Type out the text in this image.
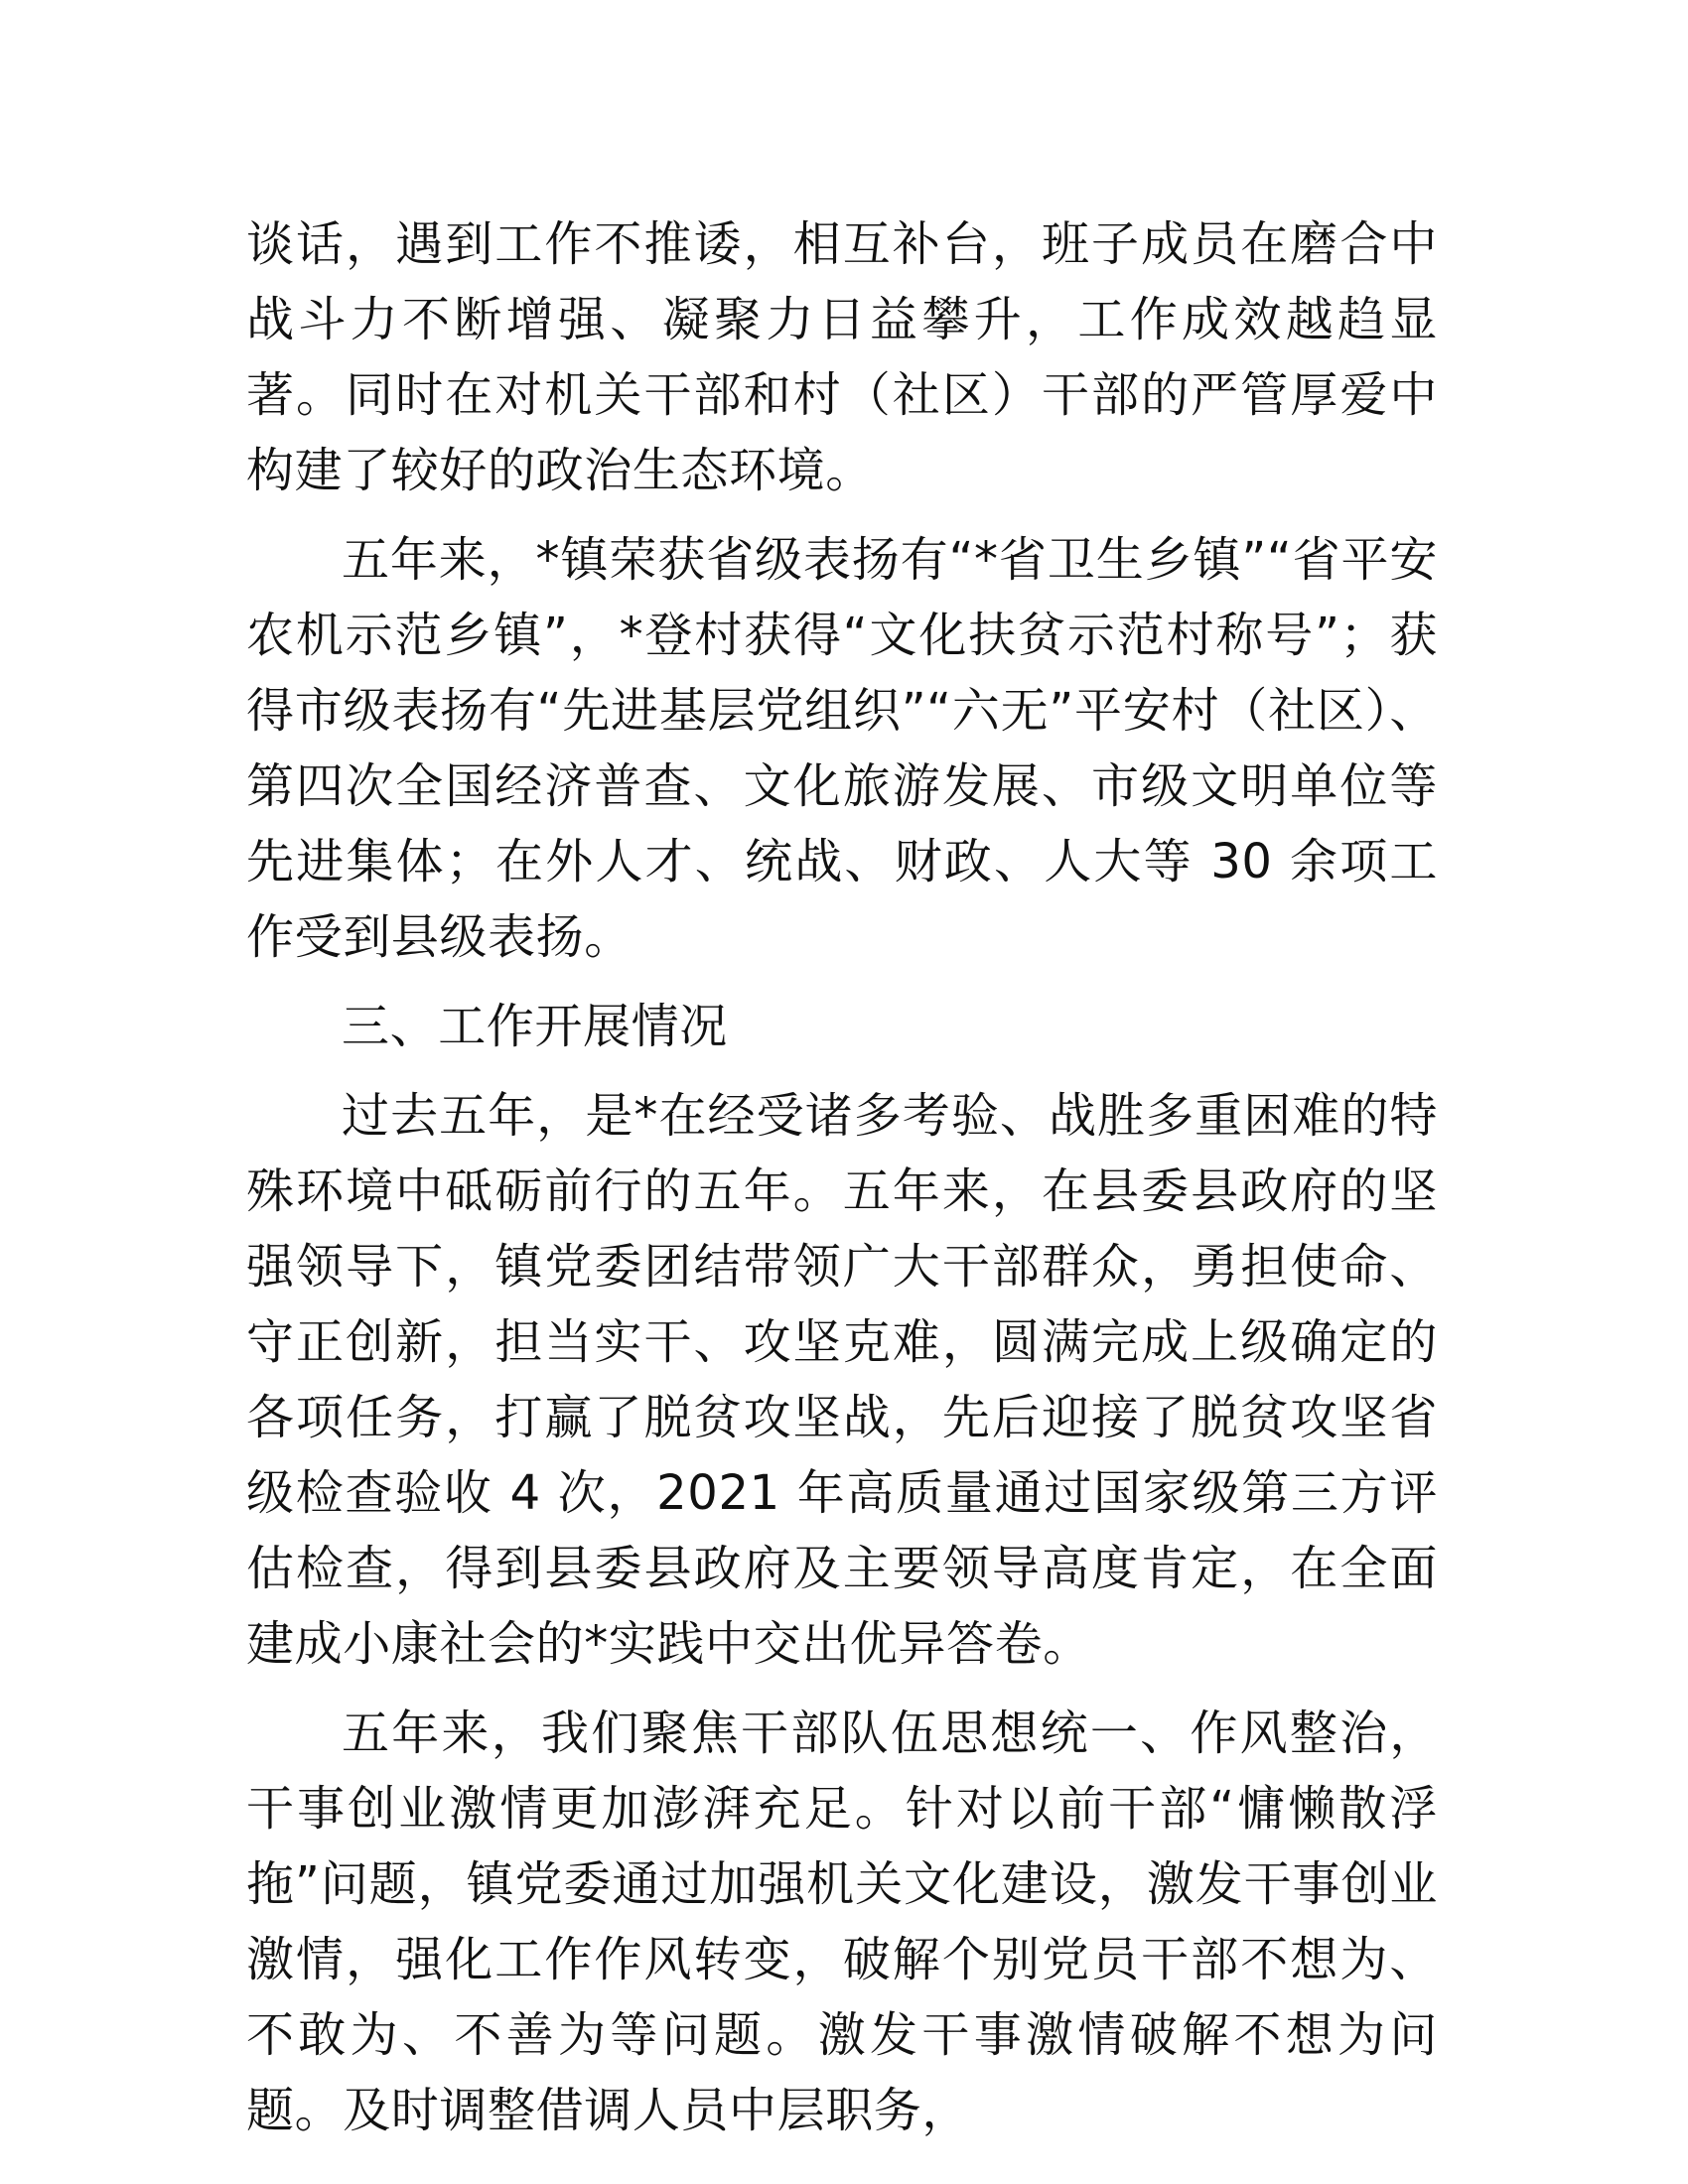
谈话，遇到工作不推诿，相互补台，班子成员在磨合中战斗力不断增强、凝聚力日益攀升，工作成效越趋显著。同时在对机关干部和村（社区）干部的严管厚爱中构建了较好的政治生态环境。

五年来，*镇荣获省级表扬有“*省卫生乡镇”“省平安农机示范乡镇”，*登村获得“文化扶贫示范村称号”；获得市级表扬有“先进基层党组织”“六无”平安村（社区）、第四次全国经济普查、文化旅游发展、市级文明单位等先进集体；在外人才、统战、财政、人大等 30 余项工作受到县级表扬。

三、工作开展情况

过去五年，是*在经受诸多考验、战胜多重困难的特殊环境中砥砺前行的五年。五年来，在县委县政府的坚强领导下，镇党委团结带领广大干部群众，勇担使命、守正创新，担当实干、攻坚克难，圆满完成上级确定的各项任务，打赢了脱贫攻坚战，先后迎接了脱贫攻坚省级检查验收 4 次，2021 年高质量通过国家级第三方评估检查，得到县委县政府及主要领导高度肯定，在全面建成小康社会的*实践中交出优异答卷。

五年来，我们聚焦干部队伍思想统一、作风整治，干事创业激情更加澎湃充足。针对以前干部“慵懒散浮拖”问题，镇党委通过加强机关文化建设，激发干事创业激情，强化工作作风转变，破解个别党员干部不想为、不敢为、不善为等问题。激发干事激情破解不想为问题。及时调整借调人员中层职务，
